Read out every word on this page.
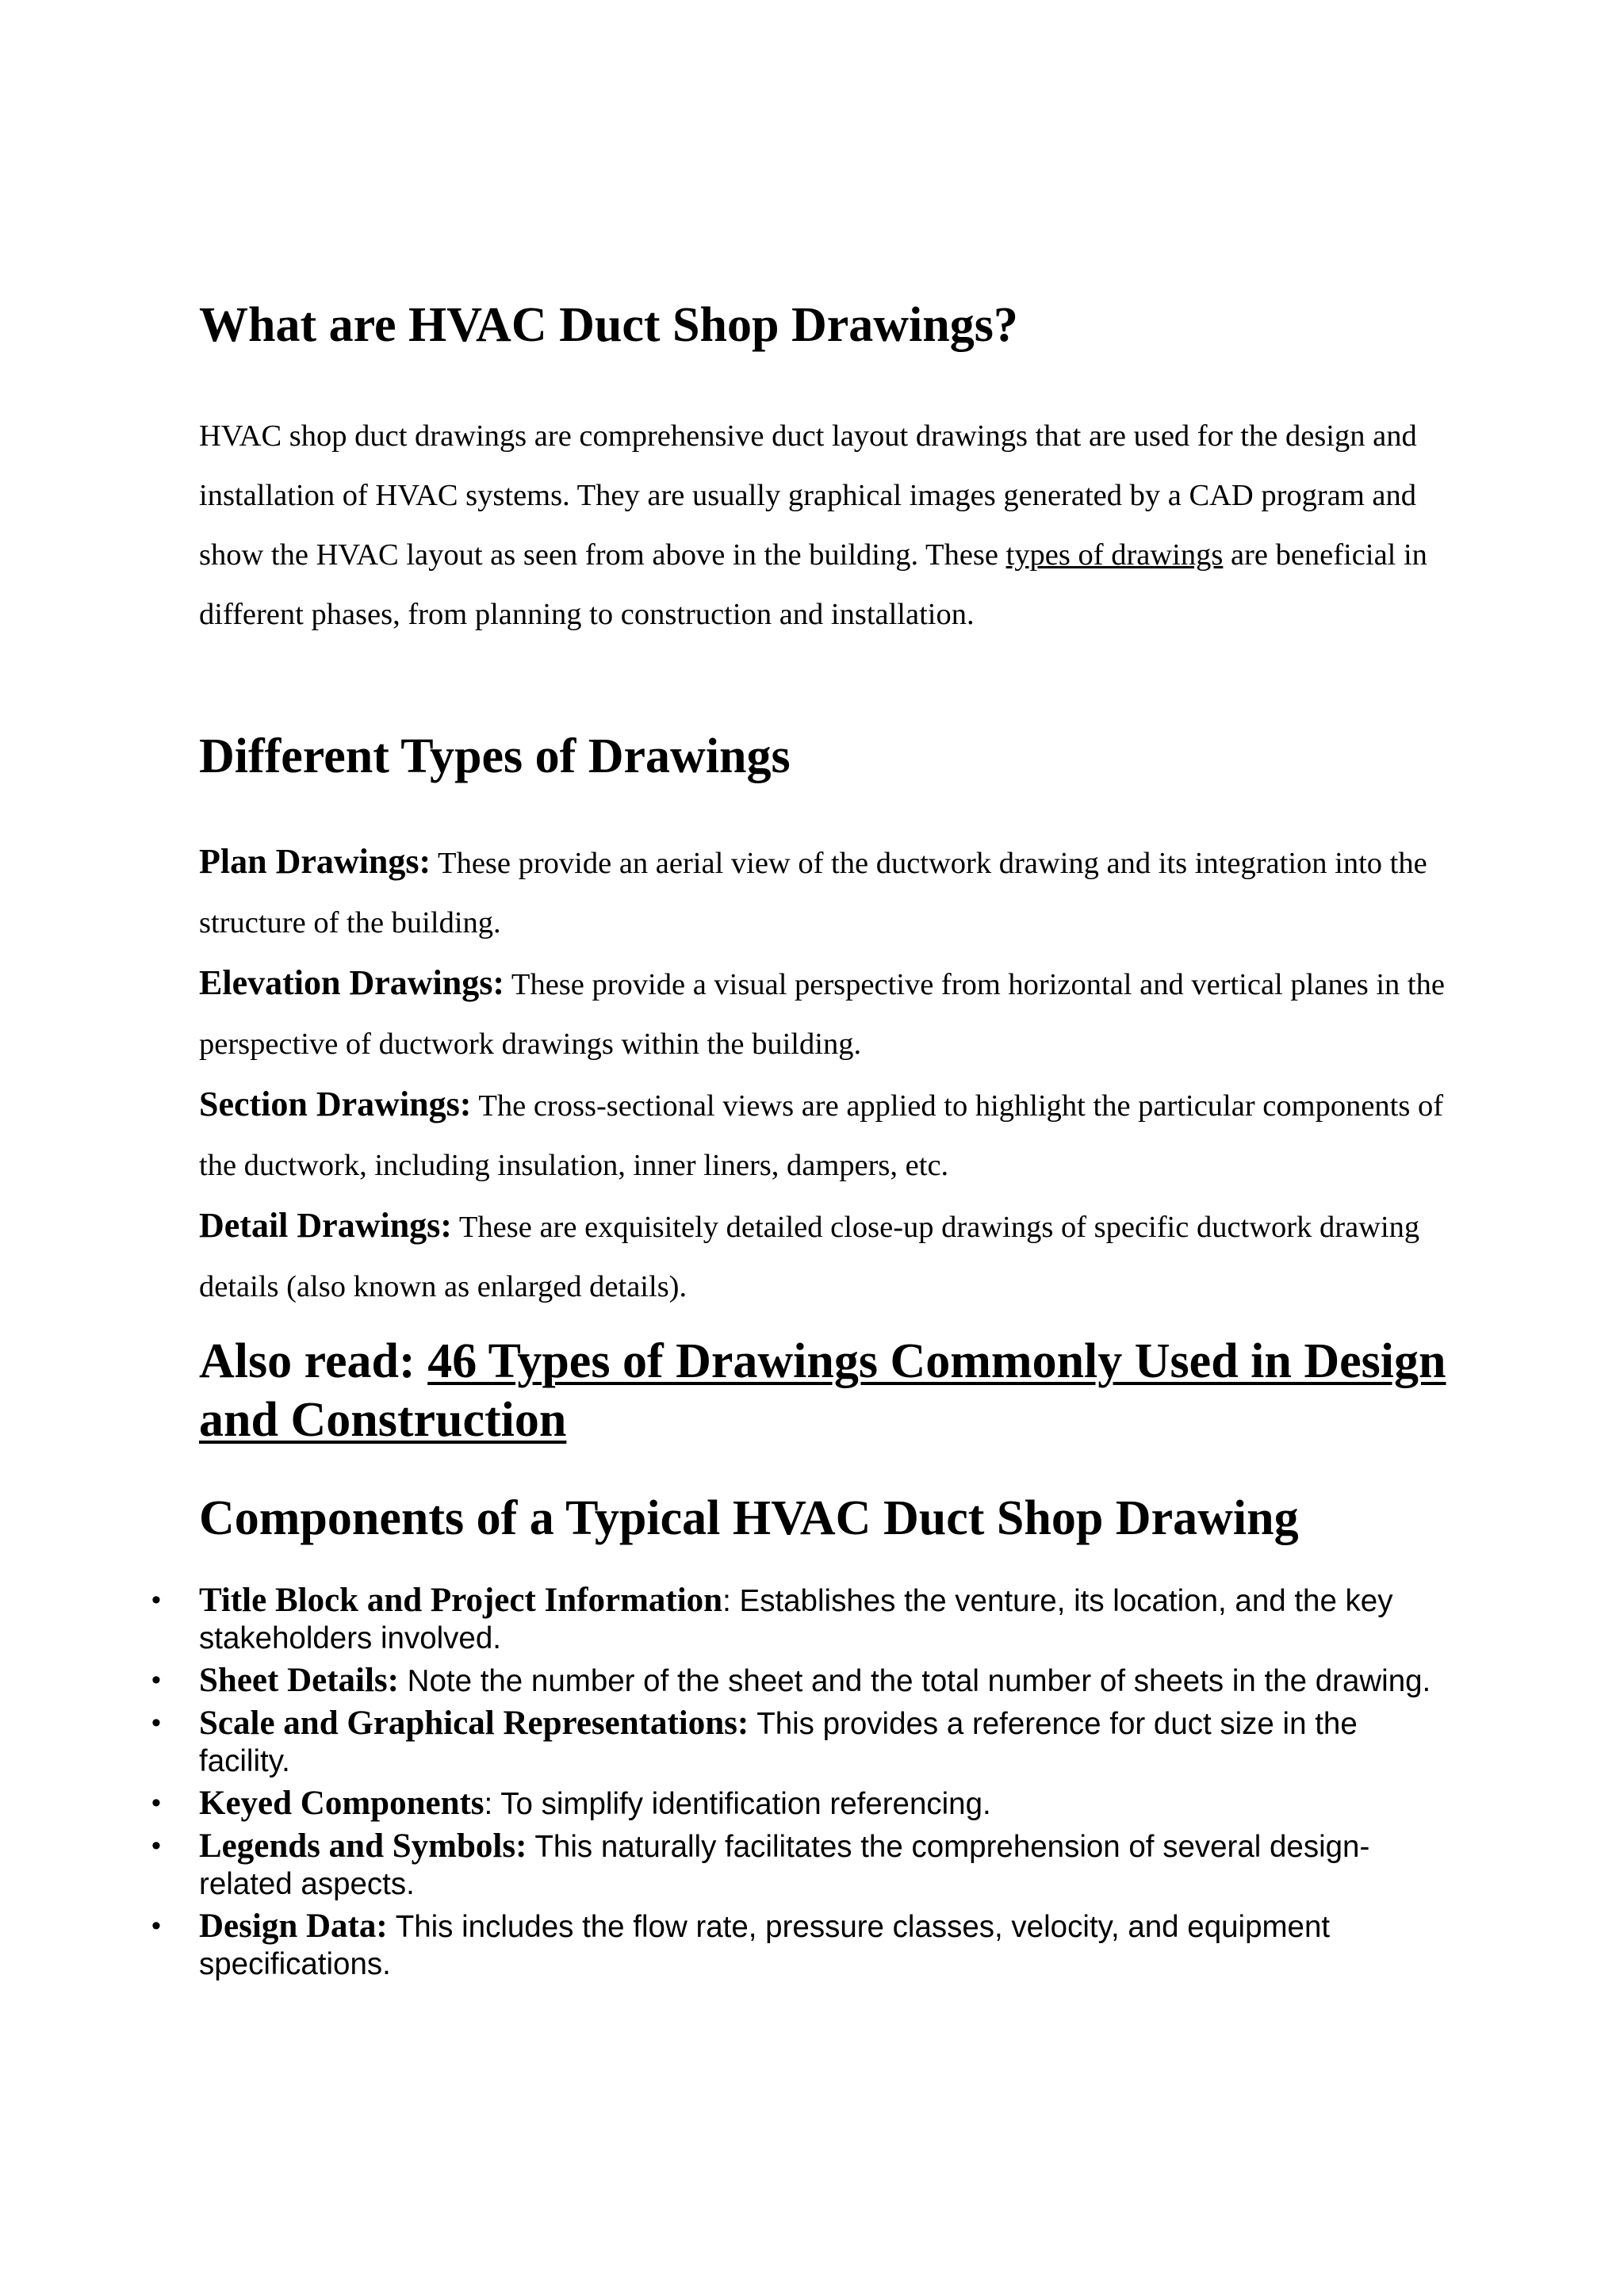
What are HVAC Duct Shop Drawings?

HVAC shop duct drawings are comprehensive duct layout drawings that are used for the design and installation of HVAC systems. They are usually graphical images generated by a CAD program and show the HVAC layout as seen from above in the building. These types of drawings are beneficial in different phases, from planning to construction and installation.

Different Types of Drawings

Plan Drawings: These provide an aerial view of the ductwork drawing and its integration into the structure of the building.

Elevation Drawings: These provide a visual perspective from horizontal and vertical planes in the perspective of ductwork drawings within the building.

Section Drawings: The cross-sectional views are applied to highlight the particular components of the ductwork, including insulation, inner liners, dampers, etc.

Detail Drawings: These are exquisitely detailed close-up drawings of specific ductwork drawing details (also known as enlarged details).

Also read: 46 Types of Drawings Commonly Used in Design and Construction
Components of a Typical HVAC Duct Shop Drawing
• Title Block and Project Information: Establishes the venture, its location, and the key stakeholders involved.
• Sheet Details: Note the number of the sheet and the total number of sheets in the drawing.
• Scale and Graphical Representations: This provides a reference for duct size in the facility.
• Keyed Components: To simplify identification referencing.
• Legends and Symbols: This naturally facilitates the comprehension of several design-related aspects.
• Design Data: This includes the flow rate, pressure classes, velocity, and equipment specifications.
